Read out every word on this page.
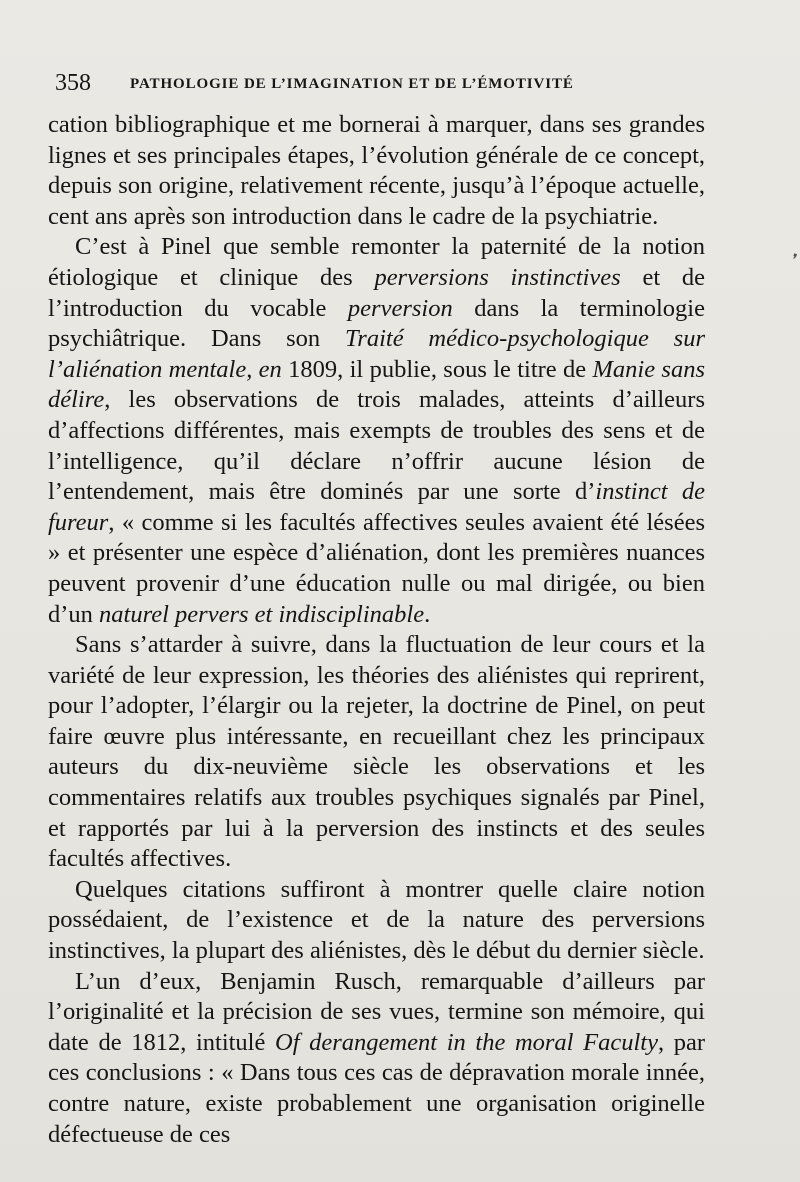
358	PATHOLOGIE DE L’IMAGINATION ET DE L’ÉMOTIVITÉ
❜

cation bibliographique et me bornerai à marquer, dans ses grandes lignes et ses principales étapes, l’évolution générale de ce concept, depuis son origine, relativement récente, jusqu’à l’époque actuelle, cent ans après son introduction dans le cadre de la psychiatrie.

C’est à Pinel que semble remonter la paternité de la notion étiologique et clinique des perversions instinctives et de l’introduction du vocable perversion dans la terminologie psychiâtrique. Dans son Traité médico-psychologique sur l’aliénation mentale, en 1809, il publie, sous le titre de Manie sans délire, les observations de trois malades, atteints d’ailleurs d’affections différentes, mais exempts de troubles des sens et de l’intelligence, qu’il déclare n’offrir aucune lésion de l’entendement, mais être dominés par une sorte d’instinct de fureur, « comme si les facultés affectives seules avaient été lésées » et présenter une espèce d’aliénation, dont les premières nuances peuvent provenir d’une éducation nulle ou mal dirigée, ou bien d’un naturel pervers et indisciplinable.

Sans s’attarder à suivre, dans la fluctuation de leur cours et la variété de leur expression, les théories des aliénistes qui reprirent, pour l’adopter, l’élargir ou la rejeter, la doctrine de Pinel, on peut faire œuvre plus intéressante, en recueillant chez les principaux auteurs du dix-neuvième siècle les observations et les commentaires relatifs aux troubles psychiques signalés par Pinel, et rapportés par lui à la perversion des instincts et des seules facultés affectives.

Quelques citations suffiront à montrer quelle claire notion possédaient, de l’existence et de la nature des perversions instinctives, la plupart des aliénistes, dès le début du dernier siècle.

L’un d’eux, Benjamin Rusch, remarquable d’ailleurs par l’originalité et la précision de ses vues, termine son mémoire, qui date de 1812, intitulé Of derangement in the moral Faculty, par ces conclusions : « Dans tous ces cas de dépravation morale innée, contre nature, existe probablement une organisation originelle défectueuse de ces
